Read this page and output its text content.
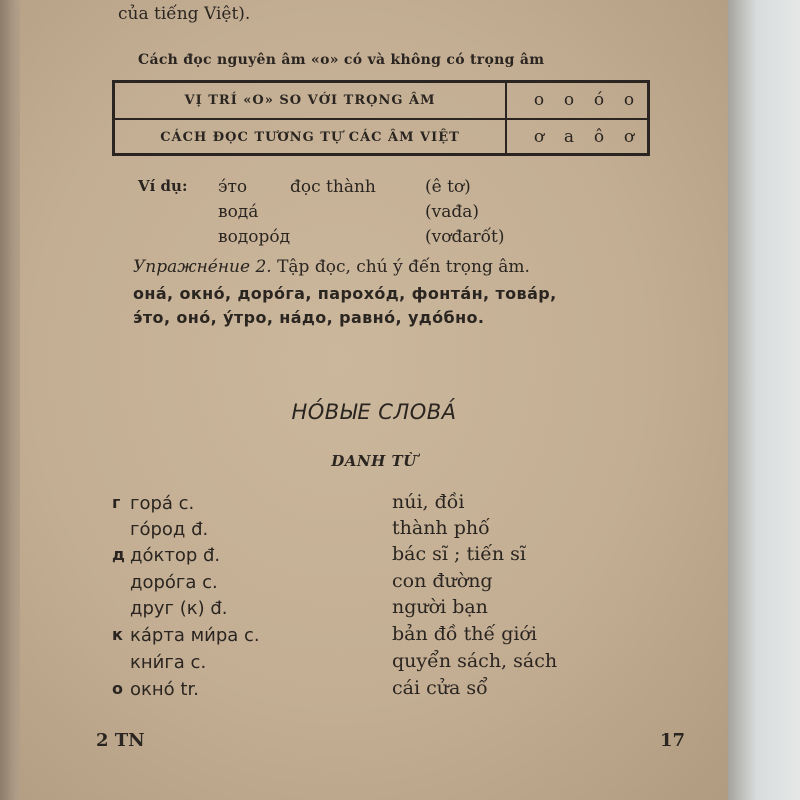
của tiếng Việt).
Cách đọc nguyên âm «о» có và không có trọng âm
VỊ TRÍ «О» SO VỚI TRỌNG ÂM	о	о	ó	о
CÁCH ĐỌC TƯƠNG TỰ CÁC ÂM VIỆT	ơ	a	ô	ơ
Ví dụ: э́то	đọc thành	(ê tơ)
вода́	(vađa)
водоро́д	(vơđarốt)
Упражне́ние 2. Tập đọc, chú ý đến trọng âm.
она́, окно́, доро́га, парохо́д, фонта́н, това́р,
э́то, оно́, у́тро, на́до, равно́, удо́бно.
НО́ВЫЕ СЛОВА́
DANH TỪ
г гора́ c.	núi, đồi
го́род đ.	thành phố
д до́ктор đ.	bác sĩ ; tiến sĩ
доро́га c.	con đường
друг (к) đ.	người bạn
к ка́рта ми́ра c.	bản đồ thế giới
кни́га c.	quyển sách, sách
о окно́ tr.	cái cửa sổ
2 TN	17
